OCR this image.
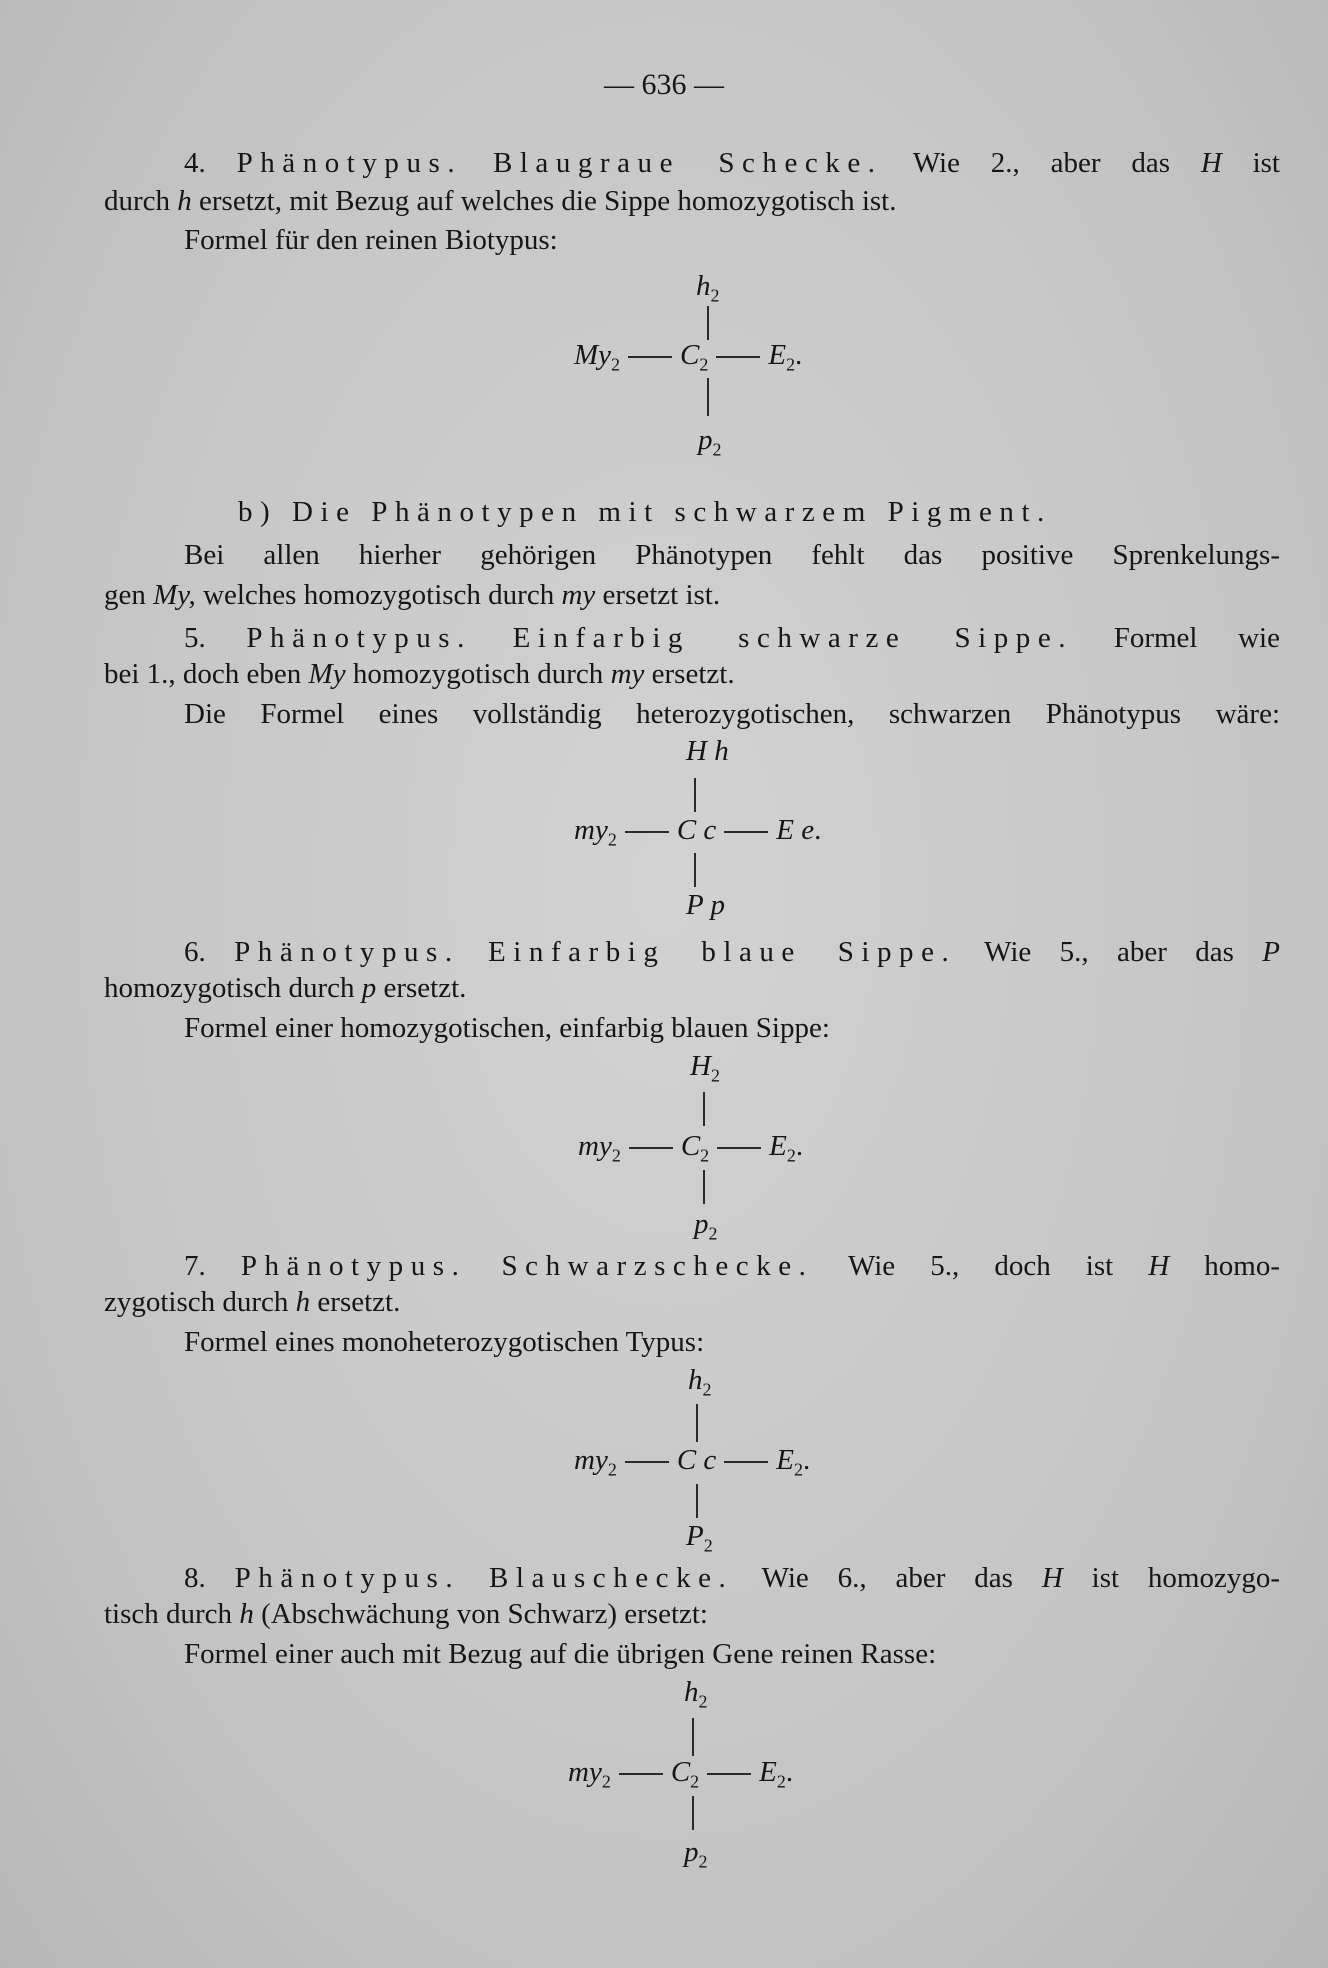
— 636 —
4. Phänotypus. Blaugraue Schecke. Wie 2., aber das H ist
durch h ersetzt, mit Bezug auf welches die Sippe homozygotisch ist.
Formel für den reinen Biotypus:
$h_2$
$My_2$ $C_2$ $E_2$.
$p_2$
b) Die Phänotypen mit schwarzem Pigment.
Bei allen hierher gehörigen Phänotypen fehlt das positive Sprenkelungs-
gen My, welches homozygotisch durch my ersetzt ist.
5. Phänotypus. Einfarbig schwarze Sippe. Formel wie
bei 1., doch eben My homozygotisch durch my ersetzt.
Die Formel eines vollständig heterozygotischen, schwarzen Phänotypus wäre:
H h
$my_2$ C c E e.
P p
6. Phänotypus. Einfarbig blaue Sippe. Wie 5., aber das P
homozygotisch durch p ersetzt.
Formel einer homozygotischen, einfarbig blauen Sippe:
$H_2$
$my_2$ $C_2$ $E_2$.
$p_2$
7. Phänotypus. Schwarzschecke. Wie 5., doch ist H homo-
zygotisch durch h ersetzt.
Formel eines monoheterozygotischen Typus:
$h_2$
$my_2$ C c $E_2$.
$P_2$
8. Phänotypus. Blauschecke. Wie 6., aber das H ist homozygo-
tisch durch h (Abschwächung von Schwarz) ersetzt:
Formel einer auch mit Bezug auf die übrigen Gene reinen Rasse:
$h_2$
$my_2$ $C_2$ $E_2$.
$p_2$
